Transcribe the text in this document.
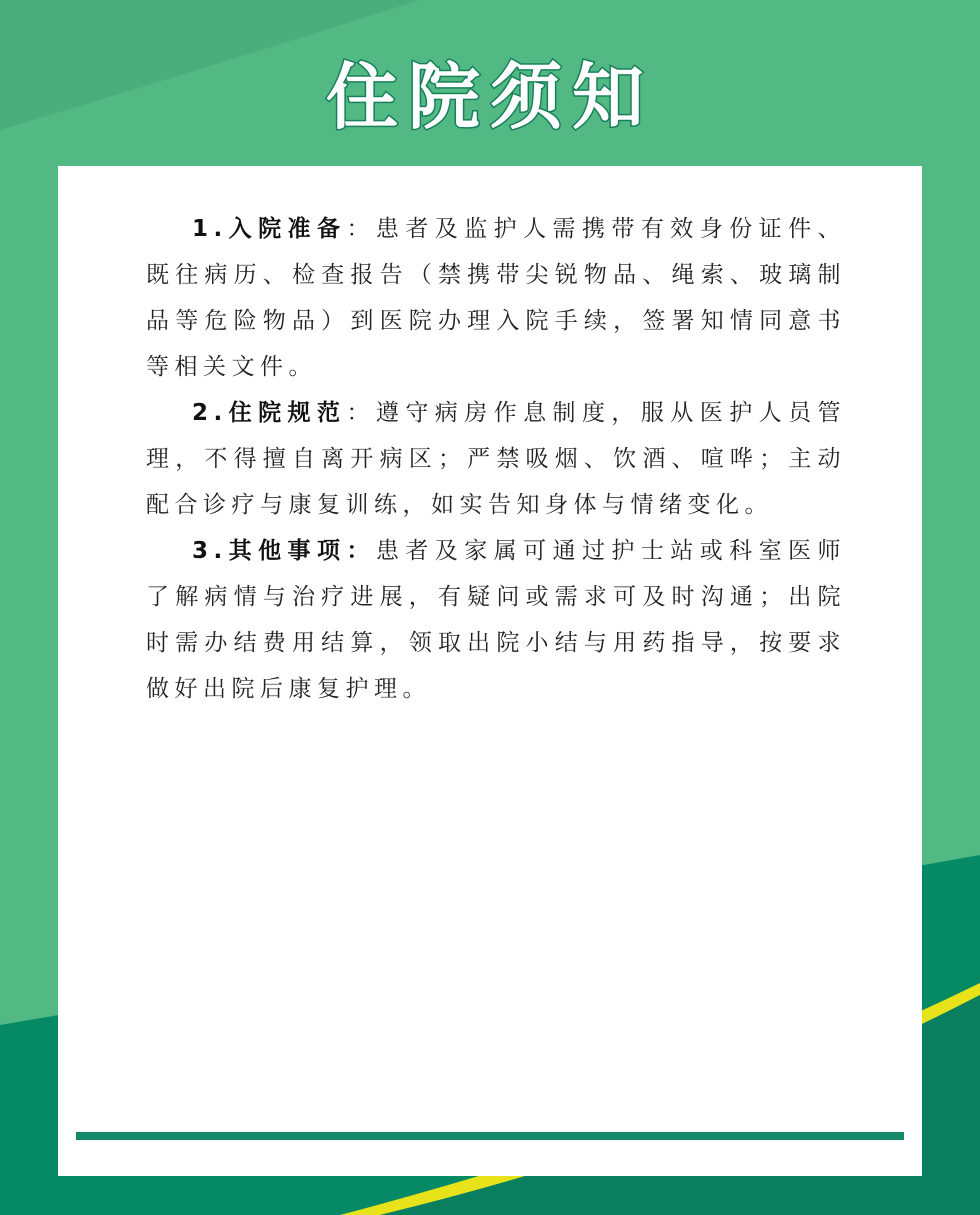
住院须知

1.入院准备：患者及监护人需携带有效身份证件、既往病历、检查报告（禁携带尖锐物品、绳索、玻璃制品等危险物品）到医院办理入院手续，签署知情同意书等相关文件。

2.住院规范：遵守病房作息制度，服从医护人员管理，不得擅自离开病区；严禁吸烟、饮酒、喧哗；主动配合诊疗与康复训练，如实告知身体与情绪变化。

3.其他事项：患者及家属可通过护士站或科室医师了解病情与治疗进展，有疑问或需求可及时沟通；出院时需办结费用结算，领取出院小结与用药指导，按要求做好出院后康复护理。
